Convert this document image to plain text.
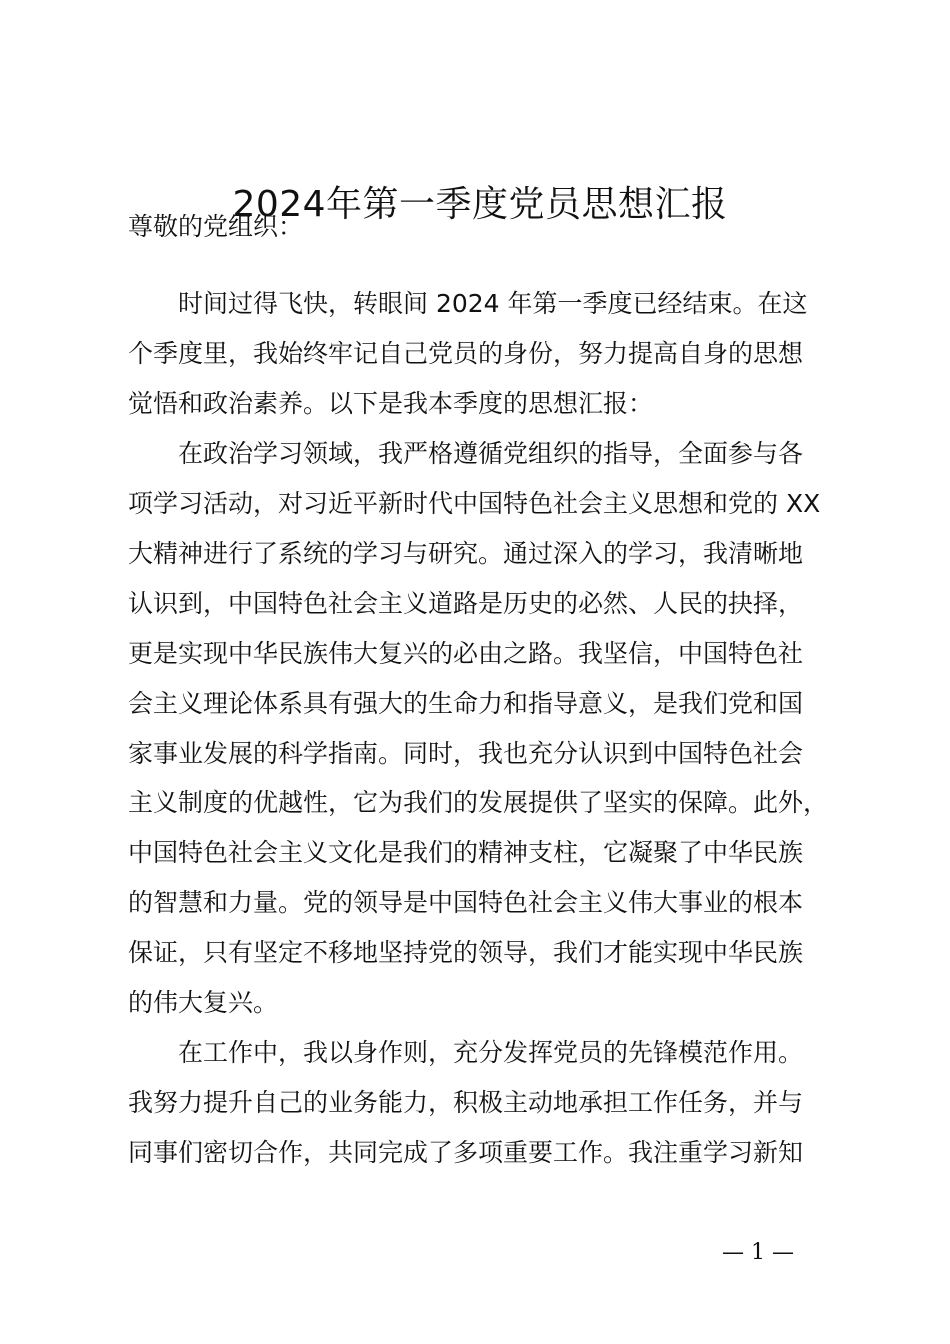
2024年第一季度党员思想汇报
尊敬的党组织：
时间过得飞快，转眼间 2024 年第一季度已经结束。在这
个季度里，我始终牢记自己党员的身份，努力提高自身的思想
觉悟和政治素养。以下是我本季度的思想汇报：
在政治学习领域，我严格遵循党组织的指导，全面参与各
项学习活动，对习近平新时代中国特色社会主义思想和党的 XX
大精神进行了系统的学习与研究。通过深入的学习，我清晰地
认识到，中国特色社会主义道路是历史的必然、人民的抉择，
更是实现中华民族伟大复兴的必由之路。我坚信，中国特色社
会主义理论体系具有强大的生命力和指导意义，是我们党和国
家事业发展的科学指南。同时，我也充分认识到中国特色社会
主义制度的优越性，它为我们的发展提供了坚实的保障。此外，
中国特色社会主义文化是我们的精神支柱，它凝聚了中华民族
的智慧和力量。党的领导是中国特色社会主义伟大事业的根本
保证，只有坚定不移地坚持党的领导，我们才能实现中华民族
的伟大复兴。
在工作中，我以身作则，充分发挥党员的先锋模范作用。
我努力提升自己的业务能力，积极主动地承担工作任务，并与
同事们密切合作，共同完成了多项重要工作。我注重学习新知
— 1 —
